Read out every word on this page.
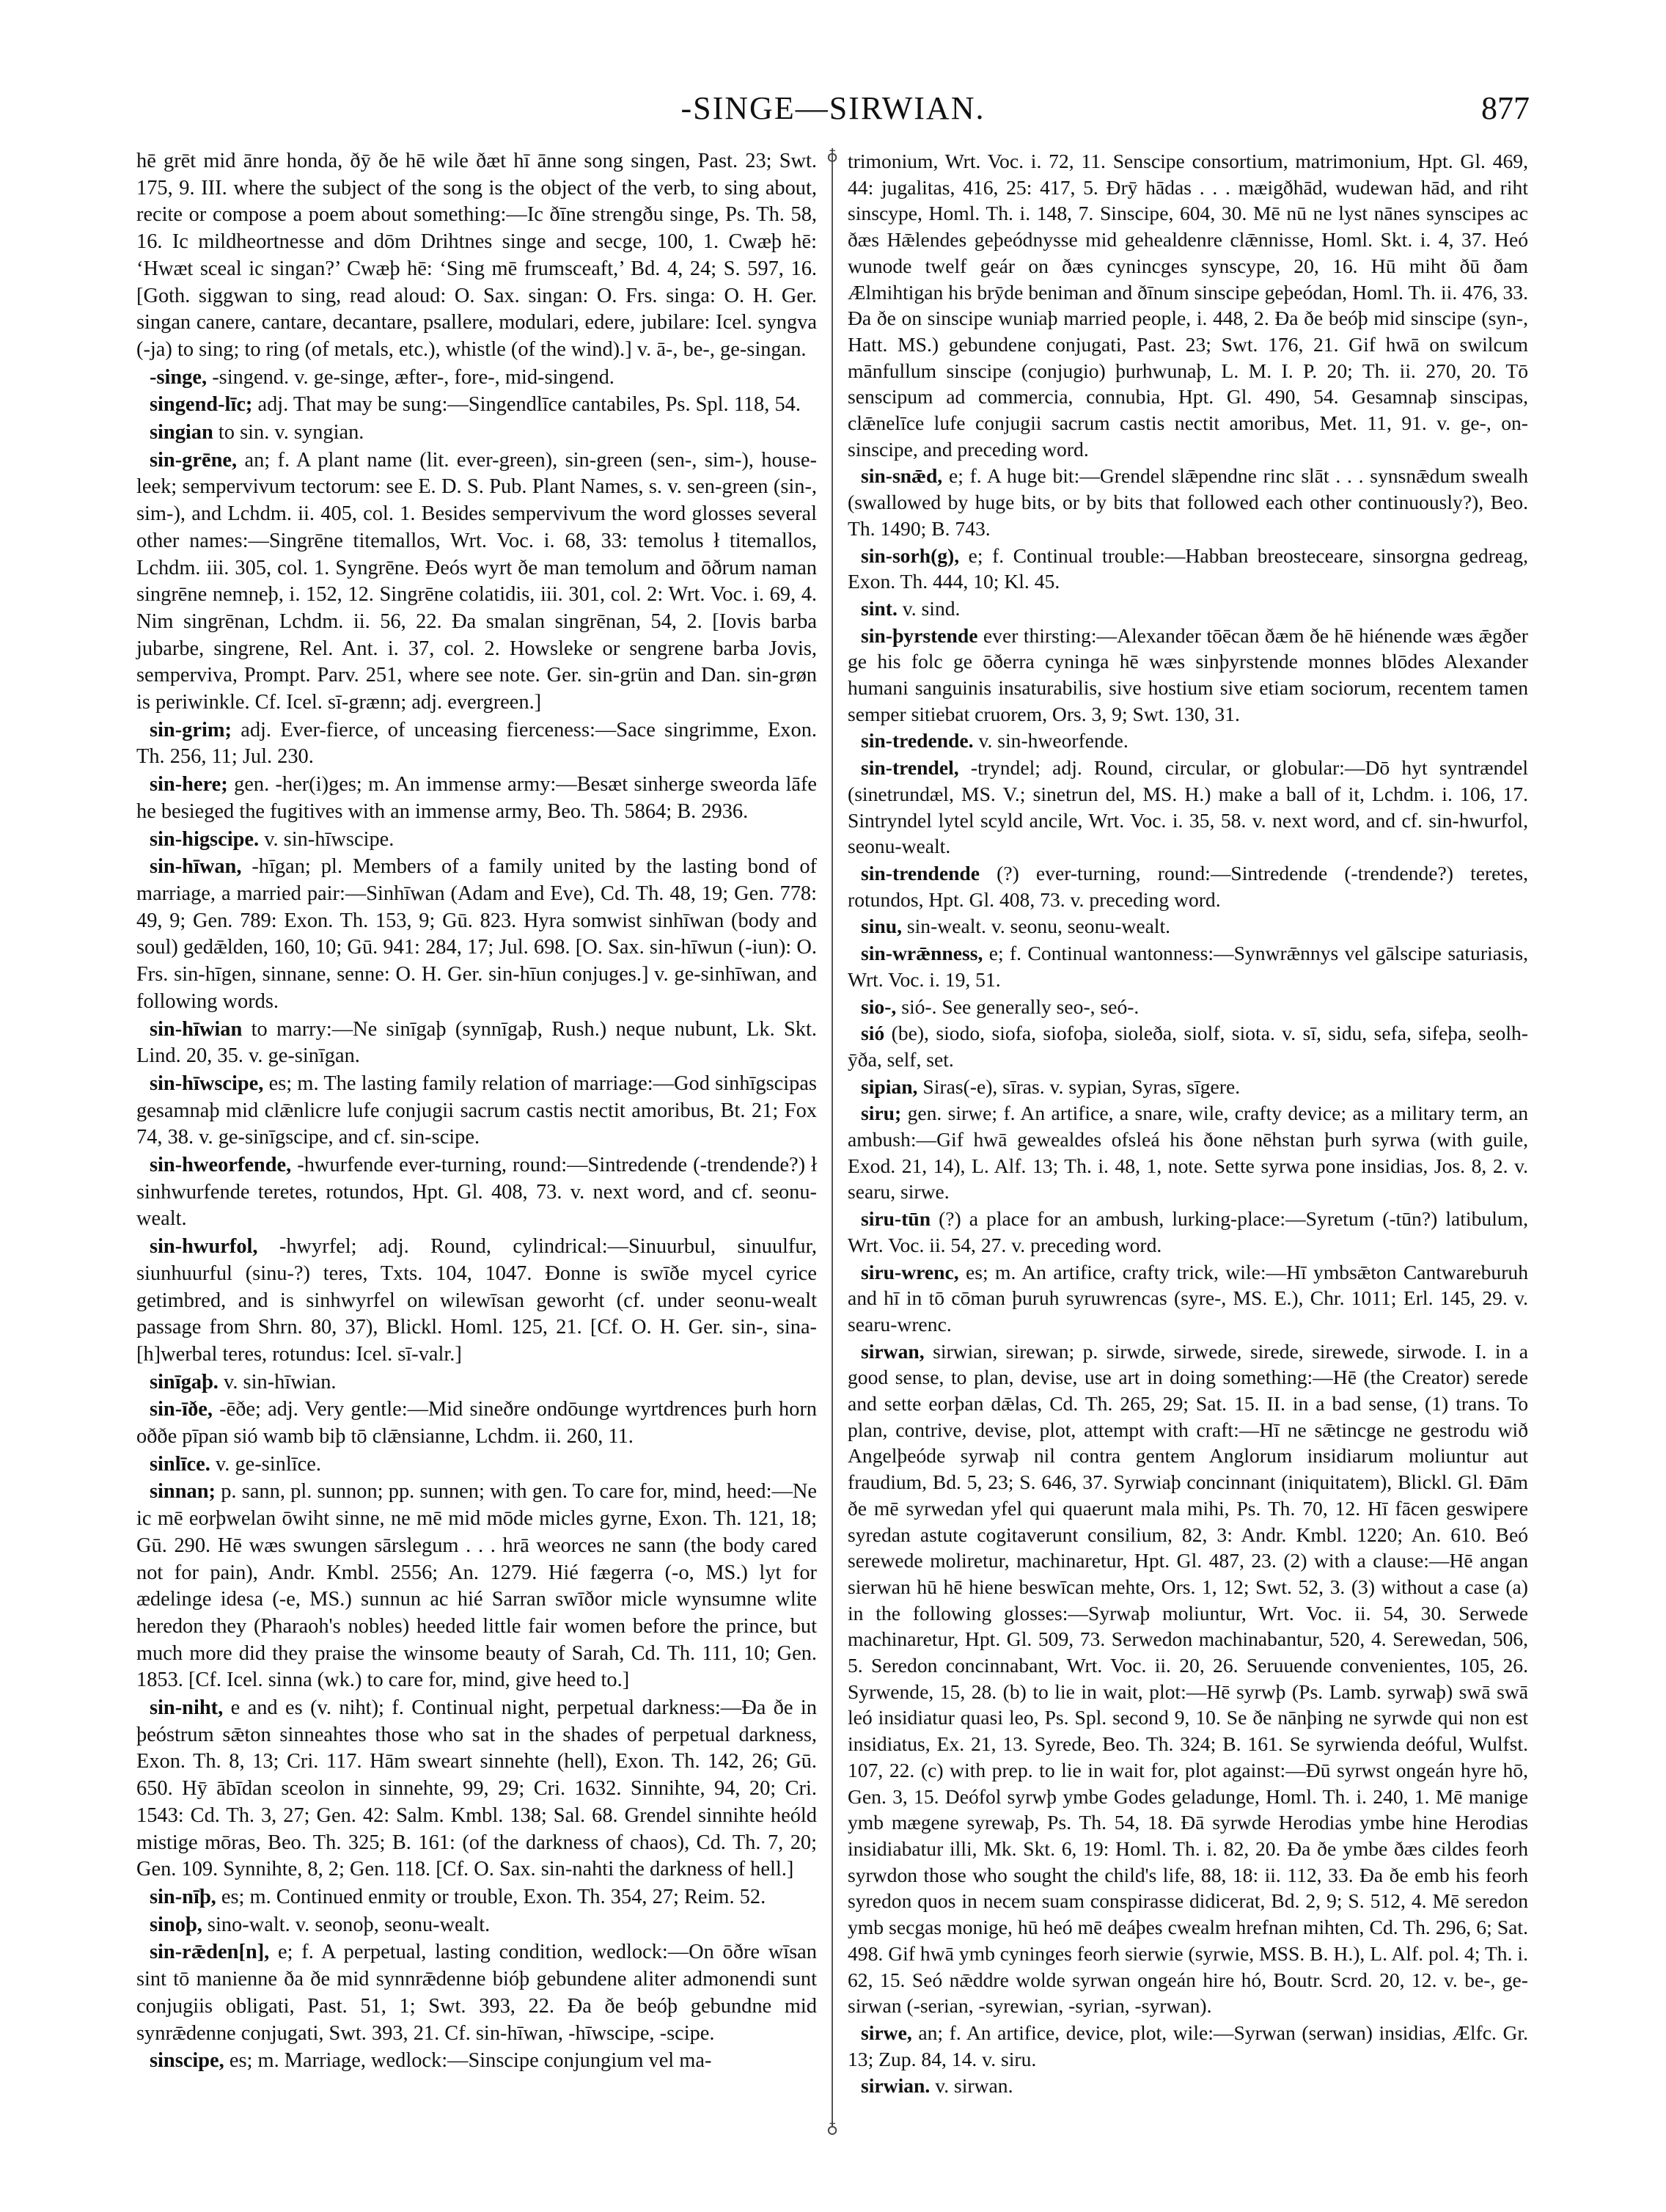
-SINGE—SIRWIAN.	877
♁
♁
hē grēt mid ānre honda, ðȳ ðe hē wile ðæt hī ānne song singen, Past. 23; Swt. 175, 9. III. where the subject of the song is the object of the verb, to sing about, recite or compose a poem about something:—Ic ðīne strengðu singe, Ps. Th. 58, 16. Ic mildheortnesse and dōm Drihtnes singe and secge, 100, 1. Cwæþ hē: ‘Hwæt sceal ic singan?’ Cwæþ hē: ‘Sing mē frumsceaft,’ Bd. 4, 24; S. 597, 16. [Goth. siggwan to sing, read aloud: O. Sax. singan: O. Frs. singa: O. H. Ger. singan canere, cantare, decantare, psallere, modulari, edere, jubilare: Icel. syngva (-ja) to sing; to ring (of metals, etc.), whistle (of the wind).] v. ā-, be-, ge-singan.
-singe, -singend. v. ge-singe, æfter-, fore-, mid-singend.
singend-līc; adj. That may be sung:—Singendlīce cantabiles, Ps. Spl. 118, 54.
singian to sin. v. syngian.
sin-grēne, an; f. A plant name (lit. ever-green), sin-green (sen-, sim-), house-leek; sempervivum tectorum: see E. D. S. Pub. Plant Names, s. v. sen-green (sin-, sim-), and Lchdm. ii. 405, col. 1. Besides sempervivum the word glosses several other names:—Singrēne titemallos, Wrt. Voc. i. 68, 33: temolus ł titemallos, Lchdm. iii. 305, col. 1. Syngrēne. Ðeós wyrt ðe man temolum and ōðrum naman singrēne nemneþ, i. 152, 12. Singrēne colatidis, iii. 301, col. 2: Wrt. Voc. i. 69, 4. Nim singrēnan, Lchdm. ii. 56, 22. Ða smalan singrēnan, 54, 2. [Iovis barba jubarbe, singrene, Rel. Ant. i. 37, col. 2. Howsleke or sengrene barba Jovis, semperviva, Prompt. Parv. 251, where see note. Ger. sin-grün and Dan. sin-grøn is periwinkle. Cf. Icel. sī-grænn; adj. evergreen.]
sin-grim; adj. Ever-fierce, of unceasing fierceness:—Sace singrimme, Exon. Th. 256, 11; Jul. 230.
sin-here; gen. -her(i)ges; m. An immense army:—Besæt sinherge sweorda lāfe he besieged the fugitives with an immense army, Beo. Th. 5864; B. 2936.
sin-higscipe. v. sin-hīwscipe.
sin-hīwan, -hīgan; pl. Members of a family united by the lasting bond of marriage, a married pair:—Sinhīwan (Adam and Eve), Cd. Th. 48, 19; Gen. 778: 49, 9; Gen. 789: Exon. Th. 153, 9; Gū. 823. Hyra somwist sinhīwan (body and soul) gedǣlden, 160, 10; Gū. 941: 284, 17; Jul. 698. [O. Sax. sin-hīwun (-iun): O. Frs. sin-hīgen, sinnane, senne: O. H. Ger. sin-hīun conjuges.] v. ge-sinhīwan, and following words.
sin-hīwian to marry:—Ne sinīgaþ (synnīgaþ, Rush.) neque nubunt, Lk. Skt. Lind. 20, 35. v. ge-sinīgan.
sin-hīwscipe, es; m. The lasting family relation of marriage:—God sinhīgscipas gesamnaþ mid clǣnlicre lufe conjugii sacrum castis nectit amoribus, Bt. 21; Fox 74, 38. v. ge-sinīgscipe, and cf. sin-scipe.
sin-hweorfende, -hwurfende ever-turning, round:—Sintredende (-trendende?) ł sinhwurfende teretes, rotundos, Hpt. Gl. 408, 73. v. next word, and cf. seonu-wealt.
sin-hwurfol, -hwyrfel; adj. Round, cylindrical:—Sinuurbul, sinuulfur, siunhuurful (sinu-?) teres, Txts. 104, 1047. Ðonne is swīðe mycel cyrice getimbred, and is sinhwyrfel on wilewīsan geworht (cf. under seonu-wealt passage from Shrn. 80, 37), Blickl. Homl. 125, 21. [Cf. O. H. Ger. sin-, sina-[h]werbal teres, rotundus: Icel. sī-valr.]
sinīgaþ. v. sin-hīwian.
sin-īðe, -ēðe; adj. Very gentle:—Mid sineðre ondōunge wyrtdrences þurh horn oððe pīpan sió wamb biþ tō clǣnsianne, Lchdm. ii. 260, 11.
sinlīce. v. ge-sinlīce.
sinnan; p. sann, pl. sunnon; pp. sunnen; with gen. To care for, mind, heed:—Ne ic mē eorþwelan ōwiht sinne, ne mē mid mōde micles gyrne, Exon. Th. 121, 18; Gū. 290. Hē wæs swungen sārslegum . . . hrā weorces ne sann (the body cared not for pain), Andr. Kmbl. 2556; An. 1279. Hié fægerra (-o, MS.) lyt for ædelinge idesa (-e, MS.) sunnun ac hié Sarran swīðor micle wynsumne wlite heredon they (Pharaoh's nobles) heeded little fair women before the prince, but much more did they praise the winsome beauty of Sarah, Cd. Th. 111, 10; Gen. 1853. [Cf. Icel. sinna (wk.) to care for, mind, give heed to.]
sin-niht, e and es (v. niht); f. Continual night, perpetual darkness:—Ða ðe in þeóstrum sǣton sinneahtes those who sat in the shades of perpetual darkness, Exon. Th. 8, 13; Cri. 117. Hām sweart sinnehte (hell), Exon. Th. 142, 26; Gū. 650. Hȳ ābīdan sceolon in sinnehte, 99, 29; Cri. 1632. Sinnihte, 94, 20; Cri. 1543: Cd. Th. 3, 27; Gen. 42: Salm. Kmbl. 138; Sal. 68. Grendel sinnihte heóld mistige mōras, Beo. Th. 325; B. 161: (of the darkness of chaos), Cd. Th. 7, 20; Gen. 109. Synnihte, 8, 2; Gen. 118. [Cf. O. Sax. sin-nahti the darkness of hell.]
sin-nīþ, es; m. Continued enmity or trouble, Exon. Th. 354, 27; Reim. 52.
sinoþ, sino-walt. v. seonoþ, seonu-wealt.
sin-rǣden[n], e; f. A perpetual, lasting condition, wedlock:—On ōðre wīsan sint tō manienne ða ðe mid synnrǣdenne bióþ gebundene aliter admonendi sunt conjugiis obligati, Past. 51, 1; Swt. 393, 22. Ða ðe beóþ gebundne mid synrǣdenne conjugati, Swt. 393, 21. Cf. sin-hīwan, -hīwscipe, -scipe.
sinscipe, es; m. Marriage, wedlock:—Sinscipe conjungium vel ma-
trimonium, Wrt. Voc. i. 72, 11. Senscipe consortium, matrimonium, Hpt. Gl. 469, 44: jugalitas, 416, 25: 417, 5. Ðrȳ hādas . . . mæigðhād, wudewan hād, and riht sinscype, Homl. Th. i. 148, 7. Sinscipe, 604, 30. Mē nū ne lyst nānes synscipes ac ðæs Hǣlendes geþeódnysse mid gehealdenre clǣnnisse, Homl. Skt. i. 4, 37. Heó wunode twelf geár on ðæs cynincges synscype, 20, 16. Hū miht ðū ðam Ælmihtigan his brȳde beniman and ðīnum sinscipe geþeódan, Homl. Th. ii. 476, 33. Ða ðe on sinscipe wuniaþ married people, i. 448, 2. Ða ðe beóþ mid sinscipe (syn-, Hatt. MS.) gebundene conjugati, Past. 23; Swt. 176, 21. Gif hwā on swilcum mānfullum sinscipe (conjugio) þurhwunaþ, L. M. I. P. 20; Th. ii. 270, 20. Tō senscipum ad commercia, connubia, Hpt. Gl. 490, 54. Gesamnaþ sinscipas, clǣnelīce lufe conjugii sacrum castis nectit amoribus, Met. 11, 91. v. ge-, on-sinscipe, and preceding word.
sin-snǣd, e; f. A huge bit:—Grendel slǣpendne rinc slāt . . . synsnǣdum swealh (swallowed by huge bits, or by bits that followed each other continuously?), Beo. Th. 1490; B. 743.
sin-sorh(g), e; f. Continual trouble:—Habban breosteceare, sinsorgna gedreag, Exon. Th. 444, 10; Kl. 45.
sint. v. sind.
sin-þyrstende ever thirsting:—Alexander tōēcan ðæm ðe hē hiénende wæs ǣgðer ge his folc ge ōðerra cyninga hē wæs sinþyrstende monnes blōdes Alexander humani sanguinis insaturabilis, sive hostium sive etiam sociorum, recentem tamen semper sitiebat cruorem, Ors. 3, 9; Swt. 130, 31.
sin-tredende. v. sin-hweorfende.
sin-trendel, -tryndel; adj. Round, circular, or globular:—Dō hyt syntrændel (sinetrundæl, MS. V.; sinetrun del, MS. H.) make a ball of it, Lchdm. i. 106, 17. Sintryndel lytel scyld ancile, Wrt. Voc. i. 35, 58. v. next word, and cf. sin-hwurfol, seonu-wealt.
sin-trendende (?) ever-turning, round:—Sintredende (-trendende?) teretes, rotundos, Hpt. Gl. 408, 73. v. preceding word.
sinu, sin-wealt. v. seonu, seonu-wealt.
sin-wrǣnness, e; f. Continual wantonness:—Synwrǣnnys vel gālscipe saturiasis, Wrt. Voc. i. 19, 51.
sio-, sió-. See generally seo-, seó-.
sió (be), siodo, siofa, siofoþa, sioleða, siolf, siota. v. sī, sidu, sefa, sifeþa, seolh-ȳða, self, set.
sipian, Siras(-e), sīras. v. sypian, Syras, sīgere.
siru; gen. sirwe; f. An artifice, a snare, wile, crafty device; as a military term, an ambush:—Gif hwā gewealdes ofsleá his ðone nēhstan þurh syrwa (with guile, Exod. 21, 14), L. Alf. 13; Th. i. 48, 1, note. Sette syrwa pone insidias, Jos. 8, 2. v. searu, sirwe.
siru-tūn (?) a place for an ambush, lurking-place:—Syretum (-tūn?) latibulum, Wrt. Voc. ii. 54, 27. v. preceding word.
siru-wrenc, es; m. An artifice, crafty trick, wile:—Hī ymbsǣton Cantwareburuh and hī in tō cōman þuruh syruwrencas (syre-, MS. E.), Chr. 1011; Erl. 145, 29. v. searu-wrenc.
sirwan, sirwian, sirewan; p. sirwde, sirwede, sirede, sirewede, sirwode. I. in a good sense, to plan, devise, use art in doing something:—Hē (the Creator) serede and sette eorþan dǣlas, Cd. Th. 265, 29; Sat. 15. II. in a bad sense, (1) trans. To plan, contrive, devise, plot, attempt with craft:—Hī ne sǣtincge ne gestrodu wið Angelþeóde syrwaþ nil contra gentem Anglorum insidiarum moliuntur aut fraudium, Bd. 5, 23; S. 646, 37. Syrwiaþ concinnant (iniquitatem), Blickl. Gl. Ðām ðe mē syrwedan yfel qui quaerunt mala mihi, Ps. Th. 70, 12. Hī fācen geswipere syredan astute cogitaverunt consilium, 82, 3: Andr. Kmbl. 1220; An. 610. Beó serewede moliretur, machinaretur, Hpt. Gl. 487, 23. (2) with a clause:—Hē angan sierwan hū hē hiene beswīcan mehte, Ors. 1, 12; Swt. 52, 3. (3) without a case (a) in the following glosses:—Syrwaþ moliuntur, Wrt. Voc. ii. 54, 30. Serwede machinaretur, Hpt. Gl. 509, 73. Serwedon machinabantur, 520, 4. Serewedan, 506, 5. Seredon concinnabant, Wrt. Voc. ii. 20, 26. Seruuende convenientes, 105, 26. Syrwende, 15, 28. (b) to lie in wait, plot:—Hē syrwþ (Ps. Lamb. syrwaþ) swā swā leó insidiatur quasi leo, Ps. Spl. second 9, 10. Se ðe nānþing ne syrwde qui non est insidiatus, Ex. 21, 13. Syrede, Beo. Th. 324; B. 161. Se syrwienda deóful, Wulfst. 107, 22. (c) with prep. to lie in wait for, plot against:—Ðū syrwst ongeán hyre hō, Gen. 3, 15. Deófol syrwþ ymbe Godes geladunge, Homl. Th. i. 240, 1. Mē manige ymb mægene syrewaþ, Ps. Th. 54, 18. Ðā syrwde Herodias ymbe hine Herodias insidiabatur illi, Mk. Skt. 6, 19: Homl. Th. i. 82, 20. Ða ðe ymbe ðæs cildes feorh syrwdon those who sought the child's life, 88, 18: ii. 112, 33. Ða ðe emb his feorh syredon quos in necem suam conspirasse didicerat, Bd. 2, 9; S. 512, 4. Mē seredon ymb secgas monige, hū heó mē deáþes cwealm hrefnan mihten, Cd. Th. 296, 6; Sat. 498. Gif hwā ymb cyninges feorh sierwie (syrwie, MSS. B. H.), L. Alf. pol. 4; Th. i. 62, 15. Seó nǣddre wolde syrwan ongeán hire hó, Boutr. Scrd. 20, 12. v. be-, ge-sirwan (-serian, -syrewian, -syrian, -syrwan).
sirwe, an; f. An artifice, device, plot, wile:—Syrwan (serwan) insidias, Ælfc. Gr. 13; Zup. 84, 14. v. siru.
sirwian. v. sirwan.
